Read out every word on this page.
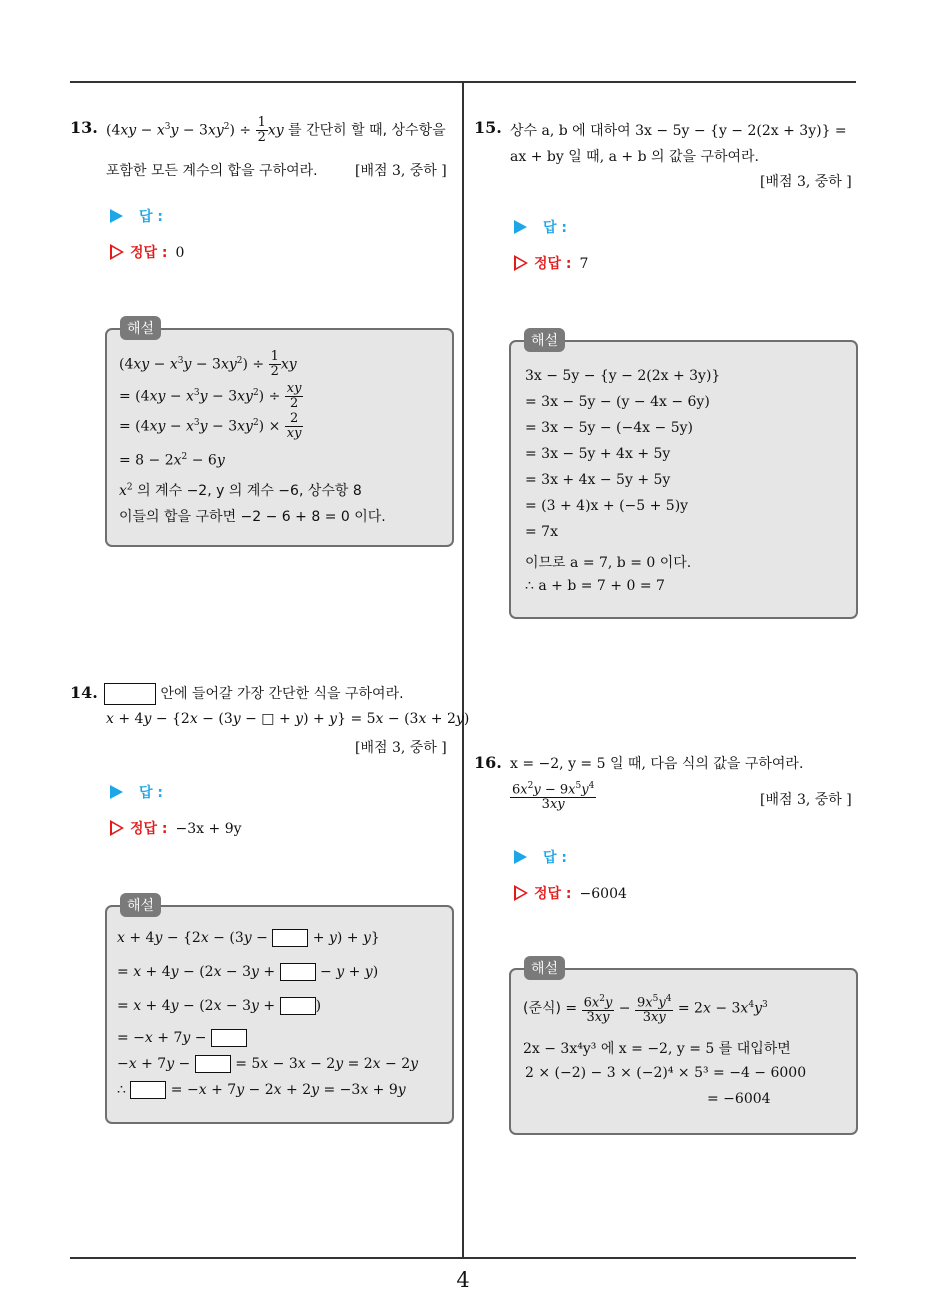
4
13. $(4xy - x^3y - 3xy^2) \div \frac{1}{2}$ xy 를 간단히 할 때, 상수항을
포함한 모든 계수의 합을 구하여라.	[배점 3, 중하 ]
답 :
정답 : 0
해설
$(4xy - x^3y - 3xy^2) \div \frac{1}{2}$ xy
= $(4xy - x^3y - 3xy^2) \div \frac{xy}{2}$
= $(4xy - x^3y - 3xy^2) \times \frac{2}{xy}$
= $8 - 2x^2 - 6y$
$x^2$ 의 계수 −2, y 의 계수 −6, 상수항 8
이들의 합을 구하면 −2 − 6 + 8 = 0 이다.
14.	안에 들어갈 가장 간단한 식을 구하여라.
x + 4y − {2x − (3y − □ + y) + y} = 5x − (3x + 2y)
[배점 3, 중하 ]
답 :
정답 : −3x + 9y
해설
x + 4y − {2x − (3y −	+ y) + y}
= x + 4y − (2x − 3y +	− y + y)
= x + 4y − (2x − 3y +	)
= −x + 7y −
−x + 7y −	= 5x − 3x − 2y = 2x − 2y
∴	= −x + 7y − 2x + 2y = −3x + 9y
15. 상수 a, b 에 대하여 3x − 5y − {y − 2(2x + 3y)} =
ax + by 일 때, a + b 의 값을 구하여라.
[배점 3, 중하 ]
답 :
정답 : 7
해설
3x − 5y − {y − 2(2x + 3y)}
= 3x − 5y − (y − 4x − 6y)
= 3x − 5y − (−4x − 5y)
= 3x − 5y + 4x + 5y
= 3x + 4x − 5y + 5y
= (3 + 4)x + (−5 + 5)y
= 7x
이므로 a = 7, b = 0 이다.
∴ a + b = 7 + 0 = 7
16. x = −2, y = 5 일 때, 다음 식의 값을 구하여라.
$\frac{6x^2y - 9x^5y^4}{3xy}$	[배점 3, 중하 ]
답 :
정답 : −6004
해설
(준식) = $\frac{6x^2y}{3xy} - \frac{9x^5y^4}{3xy} = 2x - 3x^4y^3$
2x − 3x⁴y³ 에 x = −2, y = 5 를 대입하면
2 × (−2) − 3 × (−2)⁴ × 5³ = −4 − 6000
= −6004
